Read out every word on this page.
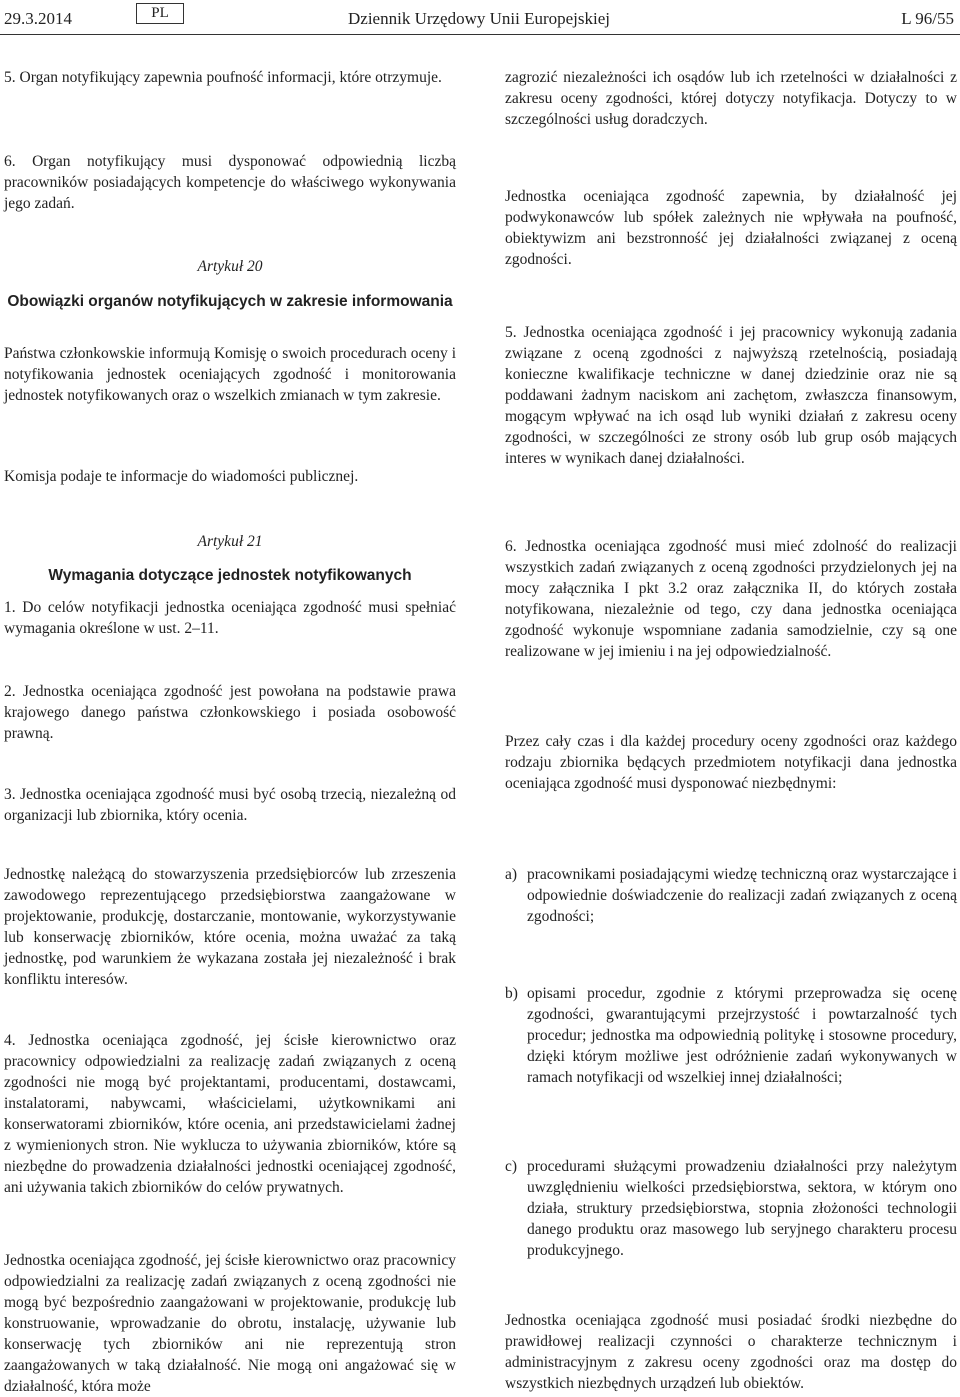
29.3.2014	PL	Dziennik Urzędowy Unii Europejskiej	L 96/55

5. Organ notyfikujący zapewnia poufność informacji, które otrzymuje.

6. Organ notyfikujący musi dysponować odpowiednią liczbą pracowników posiadających kompetencje do właściwego wykonywania jego zadań.

Artykuł 20

Obowiązki organów notyfikujących w zakresie informowania

Państwa członkowskie informują Komisję o swoich procedurach oceny i notyfikowania jednostek oceniających zgodność i monitorowania jednostek notyfikowanych oraz o wszelkich zmianach w tym zakresie.

Komisja podaje te informacje do wiadomości publicznej.

Artykuł 21

Wymagania dotyczące jednostek notyfikowanych

1. Do celów notyfikacji jednostka oceniająca zgodność musi spełniać wymagania określone w ust. 2–11.

2. Jednostka oceniająca zgodność jest powołana na podstawie prawa krajowego danego państwa członkowskiego i posiada osobowość prawną.

3. Jednostka oceniająca zgodność musi być osobą trzecią, niezależną od organizacji lub zbiornika, który ocenia.

Jednostkę należącą do stowarzyszenia przedsiębiorców lub zrzeszenia zawodowego reprezentującego przedsiębiorstwa zaangażowane w projektowanie, produkcję, dostarczanie, montowanie, wykorzystywanie lub konserwację zbiorników, które ocenia, można uważać za taką jednostkę, pod warunkiem że wykazana została jej niezależność i brak konfliktu interesów.

4. Jednostka oceniająca zgodność, jej ścisłe kierownictwo oraz pracownicy odpowiedzialni za realizację zadań związanych z oceną zgodności nie mogą być projektantami, producentami, dostawcami, instalatorami, nabywcami, właścicielami, użytkownikami ani konserwatorami zbiorników, które ocenia, ani przedstawicielami żadnej z wymienionych stron. Nie wyklucza to używania zbiorników, które są niezbędne do prowadzenia działalności jednostki oceniającej zgodność, ani używania takich zbiorników do celów prywatnych.

Jednostka oceniająca zgodność, jej ścisłe kierownictwo oraz pracownicy odpowiedzialni za realizację zadań związanych z oceną zgodności nie mogą być bezpośrednio zaangażowani w projektowanie, produkcję lub konstruowanie, wprowadzanie do obrotu, instalację, używanie lub konserwację tych zbiorników ani nie reprezentują stron zaangażowanych w taką działalność. Nie mogą oni angażować się w działalność, która może

zagrozić niezależności ich osądów lub ich rzetelności w działalności z zakresu oceny zgodności, której dotyczy notyfikacja. Dotyczy to w szczególności usług doradczych.

Jednostka oceniająca zgodność zapewnia, by działalność jej podwykonawców lub spółek zależnych nie wpływała na poufność, obiektywizm ani bezstronność jej działalności związanej z oceną zgodności.

5. Jednostka oceniająca zgodność i jej pracownicy wykonują zadania związane z oceną zgodności z najwyższą rzetelnością, posiadają konieczne kwalifikacje techniczne w danej dziedzinie oraz nie są poddawani żadnym naciskom ani zachętom, zwłaszcza finansowym, mogącym wpływać na ich osąd lub wyniki działań z zakresu oceny zgodności, w szczególności ze strony osób lub grup osób mających interes w wynikach danej działalności.

6. Jednostka oceniająca zgodność musi mieć zdolność do realizacji wszystkich zadań związanych z oceną zgodności przydzielonych jej na mocy załącznika I pkt 3.2 oraz załącznika II, do których została notyfikowana, niezależnie od tego, czy dana jednostka oceniająca zgodność wykonuje wspomniane zadania samodzielnie, czy są one realizowane w jej imieniu i na jej odpowiedzialność.

Przez cały czas i dla każdej procedury oceny zgodności oraz każdego rodzaju zbiornika będących przedmiotem notyfikacji dana jednostka oceniająca zgodność musi dysponować niezbędnymi:

a) pracownikami posiadającymi wiedzę techniczną oraz wystarczające i odpowiednie doświadczenie do realizacji zadań związanych z oceną zgodności;

b) opisami procedur, zgodnie z którymi przeprowadza się ocenę zgodności, gwarantującymi przejrzystość i powtarzalność tych procedur; jednostka ma odpowiednią politykę i stosowne procedury, dzięki którym możliwe jest odróżnienie zadań wykonywanych w ramach notyfikacji od wszelkiej innej działalności;

c) procedurami służącymi prowadzeniu działalności przy należytym uwzględnieniu wielkości przedsiębiorstwa, sektora, w którym ono działa, struktury przedsiębiorstwa, stopnia złożoności technologii danego produktu oraz masowego lub seryjnego charakteru procesu produkcyjnego.

Jednostka oceniająca zgodność musi posiadać środki niezbędne do prawidłowej realizacji czynności o charakterze technicznym i administracyjnym z zakresu oceny zgodności oraz ma dostęp do wszystkich niezbędnych urządzeń lub obiektów.
